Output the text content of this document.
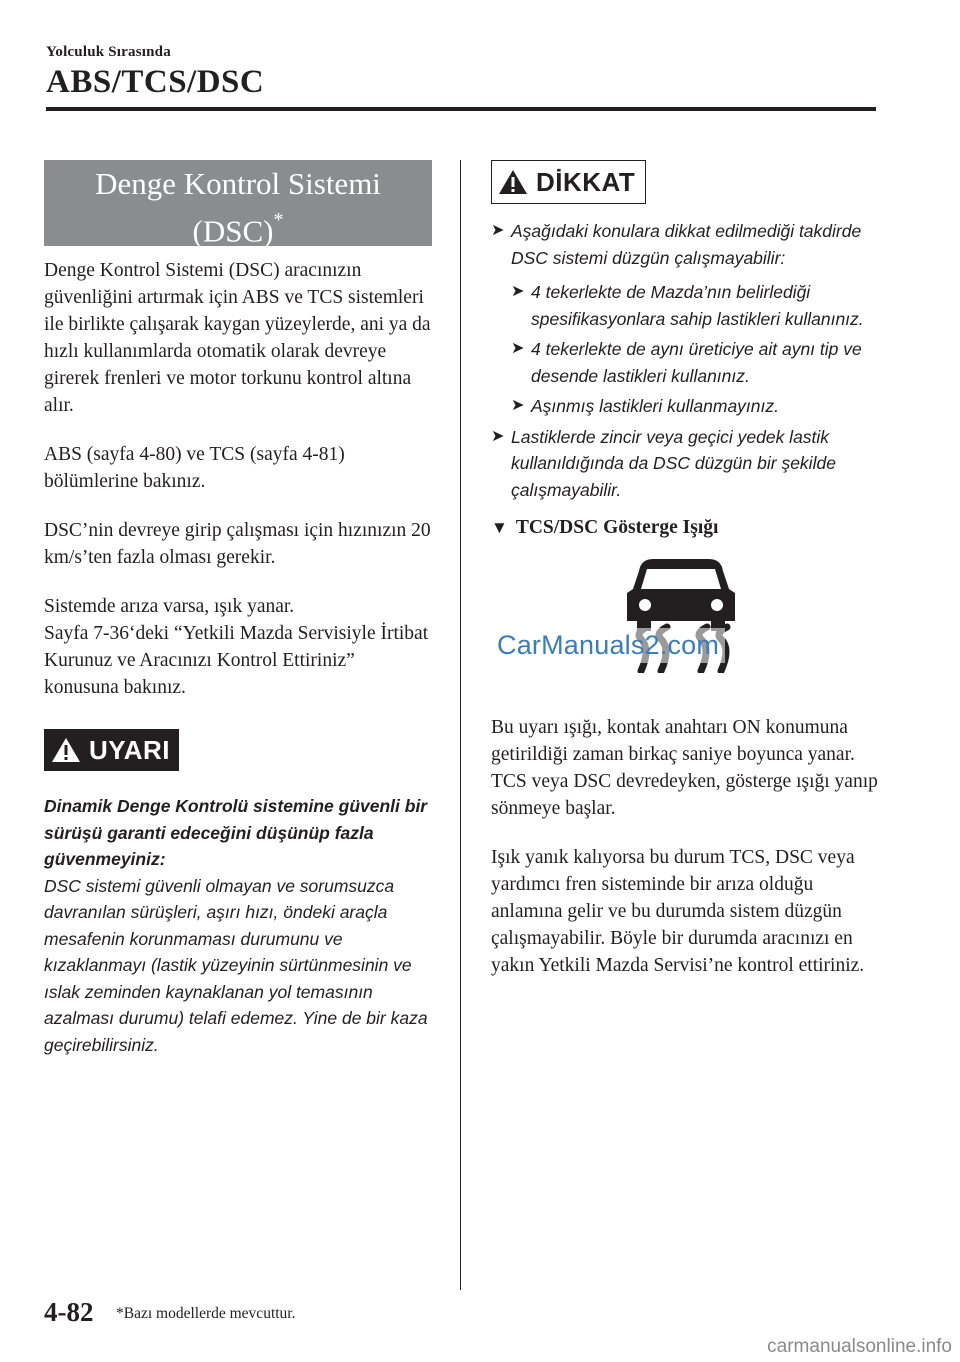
Yolculuk Sırasında
ABS/TCS/DSC
Denge Kontrol Sistemi
(DSC)*
Denge Kontrol Sistemi (DSC) aracınızın güvenliğini artırmak için ABS ve TCS sistemleri ile birlikte çalışarak kaygan yüzeylerde, ani ya da hızlı kullanımlarda otomatik olarak devreye girerek frenleri ve motor torkunu kontrol altına alır.
ABS (sayfa 4-80) ve TCS (sayfa 4-81) bölümlerine bakınız.
DSC’nin devreye girip çalışması için hızınızın 20 km/s’ten fazla olması gerekir.
Sistemde arıza varsa, ışık yanar.
Sayfa 7-36‘deki “Yetkili Mazda Servisiyle İrtibat Kurunuz ve Aracınızı Kontrol Ettiriniz” konusuna bakınız.
UYARI
Dinamik Denge Kontrolü sistemine güvenli bir sürüşü garanti edeceğini düşünüp fazla güvenmeyiniz:
DSC sistemi güvenli olmayan ve sorumsuzca davranılan sürüşleri, aşırı hızı, öndeki araçla mesafenin korunmaması durumunu ve kızaklanmayı (lastik yüzeyinin sürtünmesinin ve ıslak zeminden kaynaklanan yol temasının azalması durumu) telafi edemez. Yine de bir kaza geçirebilirsiniz.
DİKKAT
➤ Aşağıdaki konulara dikkat edilmediği takdirde DSC sistemi düzgün çalışmayabilir:
➤ 4 tekerlekte de Mazda’nın belirlediği spesifikasyonlara sahip lastikleri kullanınız.
➤ 4 tekerlekte de aynı üreticiye ait aynı tip ve desende lastikleri kullanınız.
➤ Aşınmış lastikleri kullanmayınız.
➤ Lastiklerde zincir veya geçici yedek lastik kullanıldığında da DSC düzgün bir şekilde çalışmayabilir.
▼ TCS/DSC Gösterge Işığı
CarManuals2.com
Bu uyarı ışığı, kontak anahtarı ON konumuna getirildiği zaman birkaç saniye boyunca yanar. TCS veya DSC devredeyken, gösterge ışığı yanıp sönmeye başlar.
Işık yanık kalıyorsa bu durum TCS, DSC veya yardımcı fren sisteminde bir arıza olduğu anlamına gelir ve bu durumda sistem düzgün çalışmayabilir. Böyle bir durumda aracınızı en yakın Yetkili Mazda Servisi’ne kontrol ettiriniz.
4-82 *Bazı modellerde mevcuttur.
carmanualsonline.info
